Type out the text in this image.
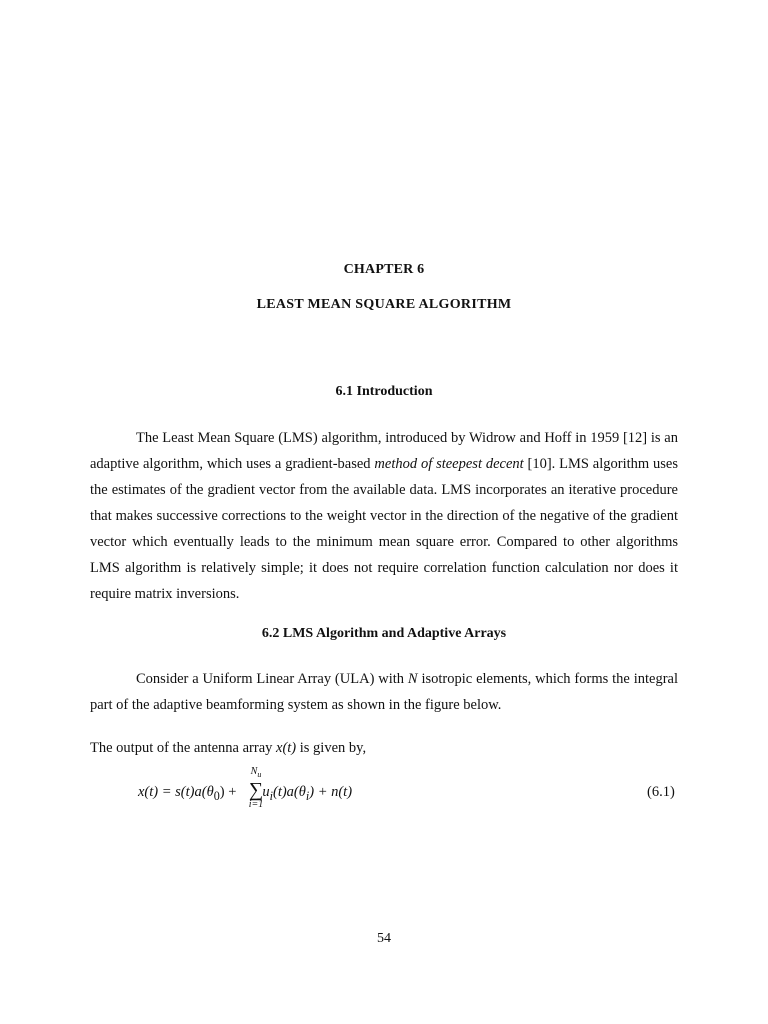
CHAPTER 6
LEAST MEAN SQUARE ALGORITHM
6.1 Introduction

The Least Mean Square (LMS) algorithm, introduced by Widrow and Hoff in 1959 [12] is an adaptive algorithm, which uses a gradient-based method of steepest decent [10]. LMS algorithm uses the estimates of the gradient vector from the available data. LMS incorporates an iterative procedure that makes successive corrections to the weight vector in the direction of the negative of the gradient vector which eventually leads to the minimum mean square error. Compared to other algorithms LMS algorithm is relatively simple; it does not require correlation function calculation nor does it require matrix inversions.

6.2 LMS Algorithm and Adaptive Arrays

Consider a Uniform Linear Array (ULA) with N isotropic elements, which forms the integral part of the adaptive beamforming system as shown in the figure below.

The output of the antenna array x(t) is given by,
$x(t) = s(t)a(\theta_0) + u_i(t)a(\theta_i) + n(t)$
$N_u$
∑
i=1
(6.1)
54
